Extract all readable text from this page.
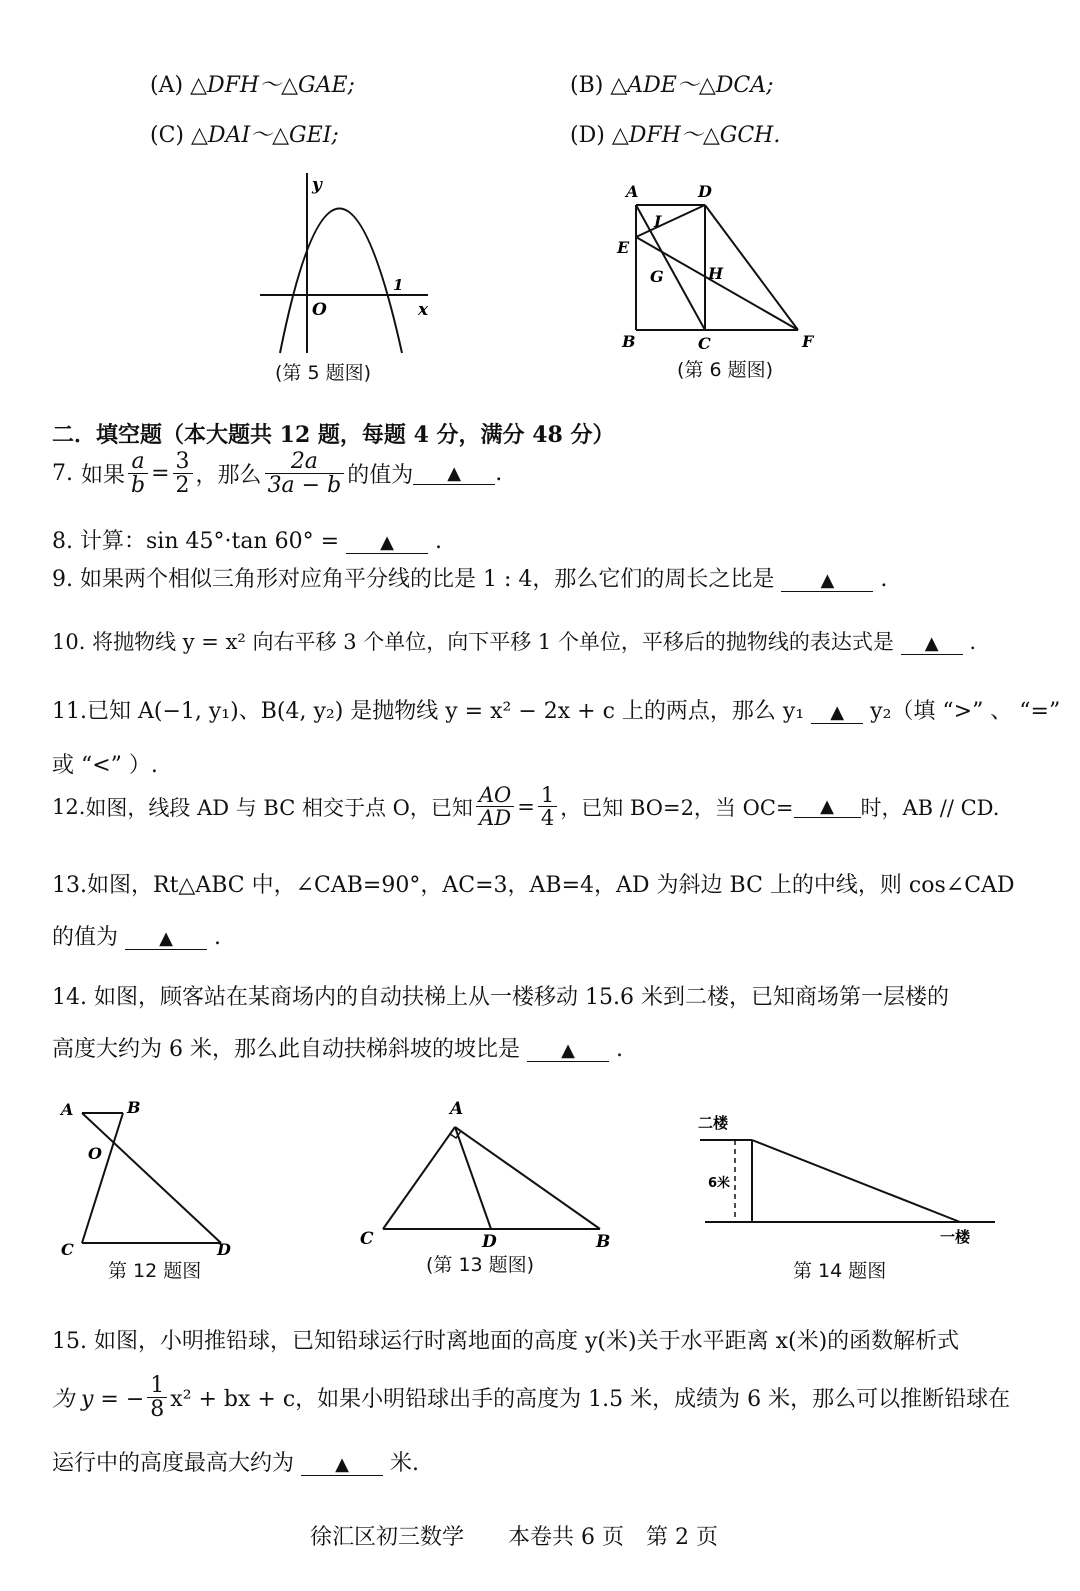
(A) △DFH～△GAE;	(B) △ADE～△DCA;
(C) △DAI～△GEI;	(D) △DFH～△GCH.
y
x
O
1
(第 5 题图)
A	D
I
E
G	H
B	C	F
(第 6 题图)
二．填空题（本大题共 12 题，每题 4 分，满分 48 分）
7. 如果 $\frac{a}{b} = \frac{3}{2}$ ，那么 $\frac{2a}{3a - b}$ 的值为	▲	.
8. 计算：sin 45°·tan 60° = ▲ .
9. 如果两个相似三角形对应角平分线的比是 1 : 4，那么它们的周长之比是	▲ .
10. 将抛物线 y = x² 向右平移 3 个单位，向下平移 1 个单位，平移后的抛物线的表达式是 ▲ .
11.已知 A(−1, y₁)、B(4, y₂) 是抛物线 y = x² − 2x + c 上的两点，那么 y₁ ▲ y₂（填 “>” 、 “=”
或 “<” ）.
12. 如图，线段 AD 与 BC 相交于点 O，已知 $\frac{AO}{AD} = \frac{1}{4}$ ，已知 BO=2，当 OC=	▲	时，AB // CD.
13.如图，Rt△ABC 中，∠CAB=90°，AC=3，AB=4，AD 为斜边 BC 上的中线，则 cos∠CAD
的值为 ▲ .
14. 如图，顾客站在某商场内的自动扶梯上从一楼移动 15.6 米到二楼，已知商场第一层楼的
高度大约为 6 米，那么此自动扶梯斜坡的坡比是 ▲ .
A	B
O
C	D
第 12 题图
A
C	D	B
(第 13 题图)
二楼
一楼
6米
第 14 题图
15. 如图，小明推铅球，已知铅球运行时离地面的高度 y(米)关于水平距离 x(米)的函数解析式
为 y = − $\frac{1}{8} x^2$ + bx + c，如果小明铅球出手的高度为 1.5 米，成绩为 6 米，那么可以推断铅球在
运行中的高度最高大约为 ▲ 米.
徐汇区初三数学　　本卷共 6 页　第 2 页
